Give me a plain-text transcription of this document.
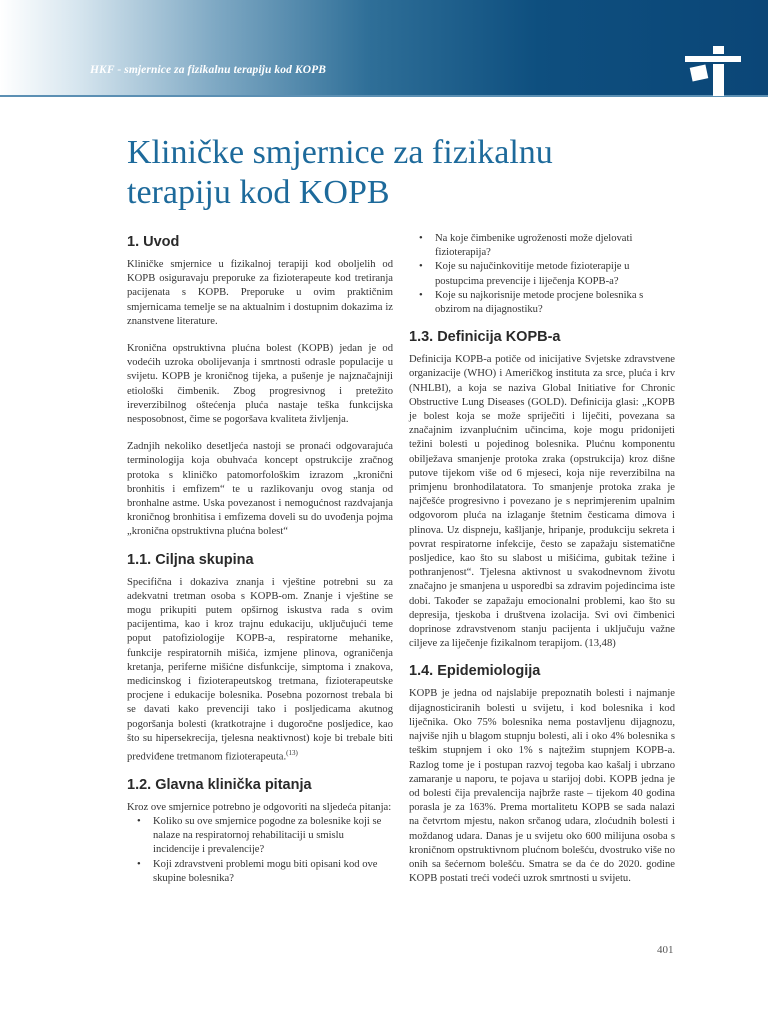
HKF - smjernice za fizikalnu terapiju kod KOPB
Kliničke smjernice za fizikalnu terapiju kod KOPB
1. Uvod

Kliničke smjernice u fizikalnoj terapiji kod oboljelih od KOPB osiguravaju preporuke za fizioterapeute kod tretiranja pacijenata s KOPB. Preporuke u ovim praktičnim smjernicama temelje se na aktualnim i dostupnim dokazima iz znanstvene literature.

Kronična opstruktivna plućna bolest (KOPB) jedan je od vodećih uzroka obolijevanja i smrtnosti odrasle populacije u svijetu. KOPB je kroničnog tijeka, a pušenje je najznačajniji etiološki čimbenik. Zbog progresivnog i pretežito ireverzibilnog oštećenja pluća nastaje teška funkcijska nesposobnost, čime se pogoršava kvaliteta življenja.

Zadnjih nekoliko desetljeća nastoji se pronaći odgovarajuća terminologija koja obuhvaća koncept opstrukcije zračnog protoka s kliničko patomorfološkim izrazom „kronični bronhitis i emfizem“ te u razlikovanju ovog stanja od bronhalne astme. Uska povezanost i nemogućnost razdvajanja kroničnog bronhitisa i emfizema doveli su do uvođenja pojma „kronična opstruktivna plućna bolest“

1.1. Ciljna skupina

Specifična i dokaziva znanja i vještine potrebni su za adekvatni tretman osoba s KOPB-om. Znanje i vještine se mogu prikupiti putem opširnog iskustva rada s ovim pacijentima, kao i kroz trajnu edukaciju, uključujući teme poput patofiziologije KOPB-a, respiratorne mehanike, funkcije respiratornih mišića, izmjene plinova, ograničenja kretanja, periferne mišićne disfunkcije, simptoma i znakova, medicinskog i fizioterapeutskog tretmana, fizioterapeutske procjene i edukacije bolesnika. Posebna pozornost trebala bi se davati kako prevenciji tako i posljedicama akutnog pogoršanja bolesti (kratkotrajne i dugoročne posljedice, kao što su hipersekrecija, tjelesna neaktivnost) koje bi trebale biti predviđene tretmanom fizioterapeuta.$^{(13)}$

1.2. Glavna klinička pitanja

Kroz ove smjernice potrebno je odgovoriti na sljedeća pitanja:

• Koliko su ove smjernice pogodne za bolesnike koji se nalaze na respiratornoj rehabilitaciji u smislu incidencije i prevalencije?
• Koji zdravstveni problemi mogu biti opisani kod ove skupine bolesnika?
• Na koje čimbenike ugroženosti može djelovati fizioterapija?
• Koje su najučinkovitije metode fizioterapije u postupcima prevencije i liječenja KOPB-a?
• Koje su najkorisnije metode procjene bolesnika s obzirom na dijagnostiku?
1.3. Definicija KOPB-a

Definicija KOPB-a potiče od inicijative Svjetske zdravstvene organizacije (WHO) i Američkog instituta za srce, pluća i krv (NHLBI), a koja se naziva Global Initiative for Chronic Obstructive Lung Diseases (GOLD). Definicija glasi: „KOPB je bolest koja se može spriječiti i liječiti, povezana sa značajnim izvanplućnim učincima, koje mogu pridonijeti težini bolesti u pojedinog bolesnika. Plućnu komponentu obilježava smanjenje protoka zraka (opstrukcija) kroz dišne putove tijekom više od 6 mjeseci, koja nije reverzibilna na primjenu bronhodilatatora. To smanjenje protoka zraka je najčešće progresivno i povezano je s neprimjerenim upalnim odgovorom pluća na izlaganje štetnim česticama dimova i plinova. Uz dispneju, kašljanje, hripanje, produkciju sekreta i povrat respiratorne infekcije, često se zapažaju sistematične posljedice, kao što su slabost u mišićima, gubitak težine i pothranjenost“. Tjelesna aktivnost u svakodnevnom životu značajno je smanjena u usporedbi sa zdravim pojedincima iste dobi. Također se zapažaju emocionalni problemi, kao što su depresija, tjeskoba i društvena izolacija. Svi ovi čimbenici doprinose zdravstvenom stanju pacijenta i uključuju važne ciljeve za liječenje fizikalnom terapijom. (13,48)

1.4. Epidemiologija

KOPB je jedna od najslabije prepoznatih bolesti i najmanje dijagnosticiranih bolesti u svijetu, i kod bolesnika i kod liječnika. Oko 75% bolesnika nema postavljenu dijagnozu, najviše njih u blagom stupnju bolesti, ali i oko 4% bolesnika s teškim stupnjem i oko 1% s najtežim stupnjem KOPB-a. Razlog tome je i postupan razvoj tegoba kao kašalj i ubrzano zamaranje u naporu, te pojava u starijoj dobi. KOPB jedna je od bolesti čija prevalencija najbrže raste – tijekom 40 godina porasla je za 163%. Prema mortalitetu KOPB se sada nalazi na četvrtom mjestu, nakon srčanog udara, zloćudnih bolesti i moždanog udara. Danas je u svijetu oko 600 milijuna osoba s kroničnom opstruktivnom plućnom bolešću, dvostruko više no onih sa šećernom bolešću. Smatra se da će do 2020. godine KOPB postati treći vodeći uzrok smrtnosti u svijetu.

401
